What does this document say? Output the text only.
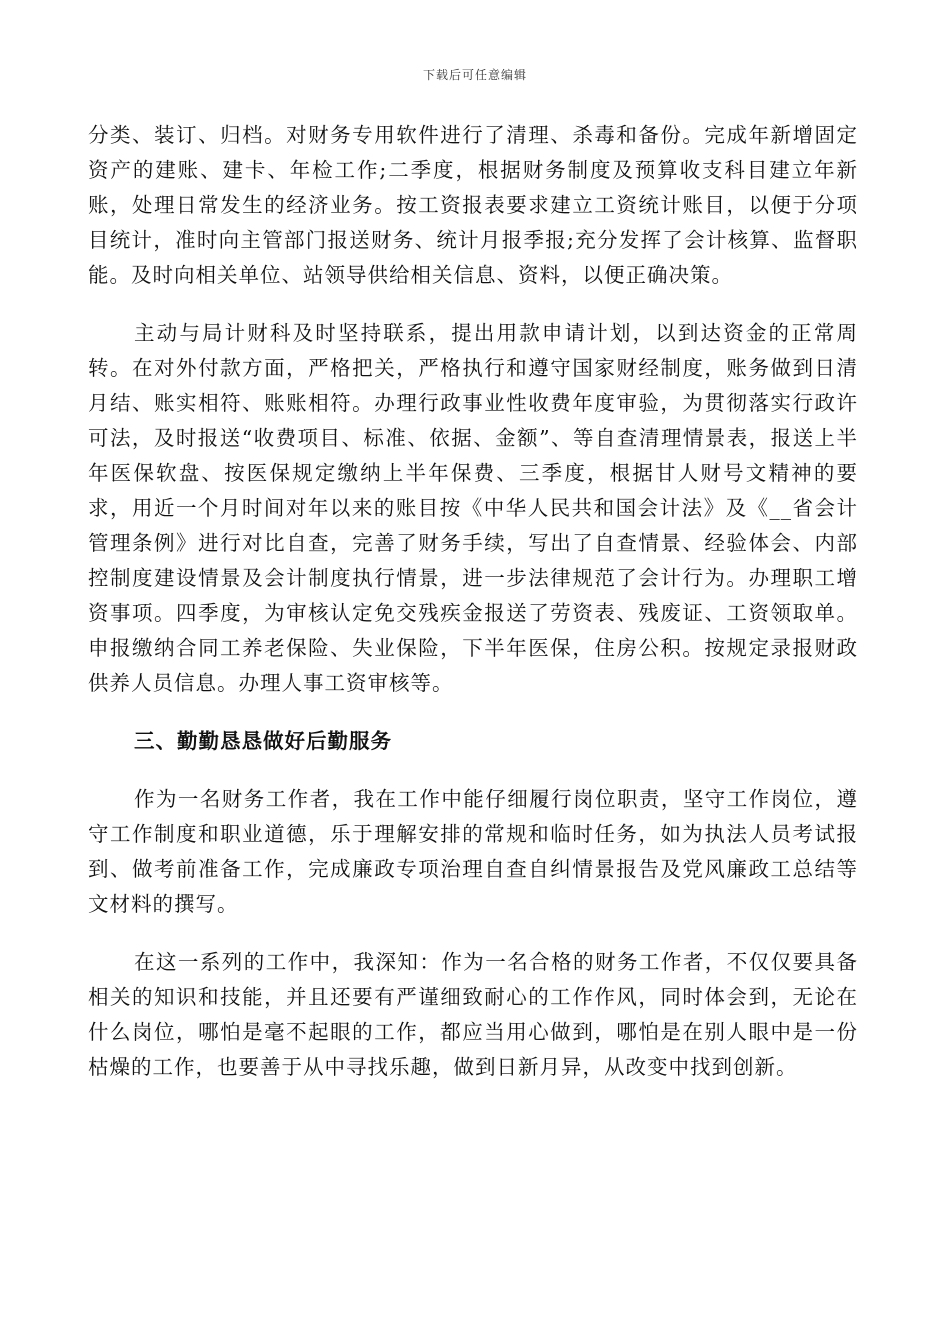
下载后可任意编辑

分类、装订、归档。对财务专用软件进行了清理、杀毒和备份。完成年新增固定资产的建账、建卡、年检工作;二季度，根据财务制度及预算收支科目建立年新账，处理日常发生的经济业务。按工资报表要求建立工资统计账目，以便于分项目统计，准时向主管部门报送财务、统计月报季报;充分发挥了会计核算、监督职能。及时向相关单位、站领导供给相关信息、资料，以便正确决策。

主动与局计财科及时坚持联系，提出用款申请计划，以到达资金的正常周转。在对外付款方面，严格把关，严格执行和遵守国家财经制度，账务做到日清月结、账实相符、账账相符。办理行政事业性收费年度审验，为贯彻落实行政许可法，及时报送“收费项目、标准、依据、金额”、等自查清理情景表，报送上半年医保软盘、按医保规定缴纳上半年保费、三季度，根据甘人财号文精神的要求，用近一个月时间对年以来的账目按《中华人民共和国会计法》及《__省会计管理条例》进行对比自查，完善了财务手续，写出了自查情景、经验体会、内部控制度建设情景及会计制度执行情景，进一步法律规范了会计行为。办理职工增资事项。四季度，为审核认定免交残疾金报送了劳资表、残废证、工资领取单。申报缴纳合同工养老保险、失业保险，下半年医保，住房公积。按规定录报财政供养人员信息。办理人事工资审核等。

三、勤勤恳恳做好后勤服务

作为一名财务工作者，我在工作中能仔细履行岗位职责，坚守工作岗位，遵守工作制度和职业道德，乐于理解安排的常规和临时任务，如为执法人员考试报到、做考前准备工作，完成廉政专项治理自查自纠情景报告及党风廉政工总结等文材料的撰写。

在这一系列的工作中，我深知：作为一名合格的财务工作者，不仅仅要具备相关的知识和技能，并且还要有严谨细致耐心的工作作风，同时体会到，无论在什么岗位，哪怕是毫不起眼的工作，都应当用心做到，哪怕是在别人眼中是一份枯燥的工作，也要善于从中寻找乐趣，做到日新月异，从改变中找到创新。
